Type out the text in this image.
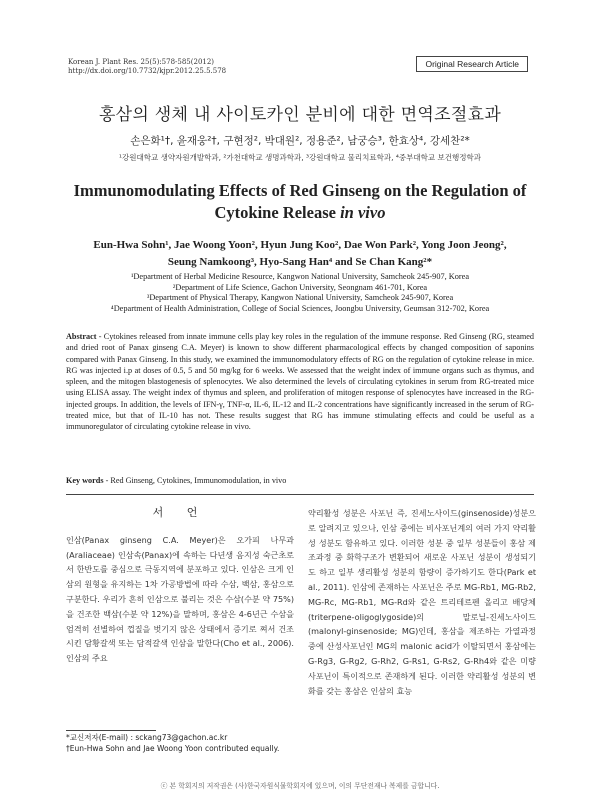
Korean J. Plant Res. 25(5):578-585(2012)
http://dx.doi.org/10.7732/kjpr.2012.25.5.578
Original Research Article
홍삼의 생체 내 사이토카인 분비에 대한 면역조절효과
손은화¹†, 윤재웅²†, 구현정², 박대원², 정용준², 남궁승³, 한효상⁴, 강세찬²*
¹강원대학교 생약자원개발학과, ²가천대학교 생명과학과, ³강원대학교 물리치료학과, ⁴중부대학교 보건행정학과
Immunomodulating Effects of Red Ginseng on the Regulation of Cytokine Release in vivo
Eun-Hwa Sohn¹, Jae Woong Yoon², Hyun Jung Koo², Dae Won Park², Yong Joon Jeong²,
Seung Namkoong³, Hyo-Sang Han⁴ and Se Chan Kang²*
¹Department of Herbal Medicine Resource, Kangwon National University, Samcheok 245-907, Korea
²Department of Life Science, Gachon University, Seongnam 461-701, Korea
³Department of Physical Therapy, Kangwon National University, Samcheok 245-907, Korea
⁴Department of Health Administration, College of Social Sciences, Joongbu University, Geumsan 312-702, Korea
Abstract - Cytokines released from innate immune cells play key roles in the regulation of the immune response. Red Ginseng (RG, steamed and dried root of Panax ginseng C.A. Meyer) is known to show different pharmacological effects by changed composition of saponins compared with Panax Ginseng. In this study, we examined the immunomodulatory effects of RG on the regulation of cytokine release in mice. RG was injected i.p at doses of 0.5, 5 and 50 mg/kg for 6 weeks. We assessed that the weight index of immune organs such as thymus, and spleen, and the mitogen blastogenesis of splenocytes. We also determined the levels of circulating cytokines in serum from RG-treated mice using ELISA assay. The weight index of thymus and spleen, and proliferation of mitogen response of splenocytes have increased in the RG-injected groups. In addition, the levels of IFN-γ, TNF-α, IL-6, IL-12 and IL-2 concentrations have significantly increased in the serum of RG-treated mice, but that of IL-10 has not. These results suggest that RG has immune stimulating effects and could be useful as a immunoregulator of circulating cytokine release in vivo.
Key words - Red Ginseng, Cytokines, Immunomodulation, in vivo
서 언
인삼(Panax ginseng C.A. Meyer)은 오가피 나무과(Araliaceae) 인삼속(Panax)에 속하는 다년생 음지성 숙근초로서 한반도를 중심으로 극동지역에 분포하고 있다. 인삼은 크게 인삼의 원형을 유지하는 1차 가공방법에 따라 수삼, 백삼, 홍삼으로 구분한다. 우리가 흔히 인삼으로 불리는 것은 수삼(수분 약 75%)을 건조한 백삼(수분 약 12%)을 말하며, 홍삼은 4-6년근 수삼을 엄격히 선별하여 껍질을 벗기지 않은 상태에서 증기로 쪄서 건조시킨 담황갈색 또는 담적갈색 인삼을 말한다(Cho et al., 2006). 인삼의 주요
약리활성 성분은 사포닌 즉, 진세노사이드(ginsenoside)성분으로 알려지고 있으나, 인삼 중에는 비사포닌계의 여러 가지 약리활성 성분도 함유하고 있다. 이러한 성분 중 일부 성분들이 홍삼 제조과정 중 화학구조가 변환되어 새로운 사포닌 성분이 생성되기도 하고 일부 생리활성 성분의 함량이 증가하기도 한다(Park et al., 2011). 인삼에 존재하는 사포닌은 주로 MG-Rb1, MG-Rb2, MG-Rc, MG-Rb1, MG-Rd와 같은 트리테르펜 올리고 배당체(triterpene-oligoglygoside)의 말로닐-진세노사이드(malonyl-ginsenoside; MG)인데, 홍삼을 제조하는 가열과정 중에 산성사포닌인 MG의 malonic acid가 이탈되면서 홍삼에는 G-Rg3, G-Rg2, G-Rh2, G-Rs1, G-Rs2, G-Rh4와 같은 미량 사포닌이 특이적으로 존재하게 된다. 이러한 약리활성 성분의 변화를 갖는 홍삼은 인삼의 효능
*교신저자(E-mail) : sckang73@gachon.ac.kr
†Eun-Hwa Sohn and Jae Woong Yoon contributed equally.
ⓒ 본 학회지의 저작권은 (사)한국자원식물학회지에 있으며, 이의 무단전재나 복제를 금합니다.
